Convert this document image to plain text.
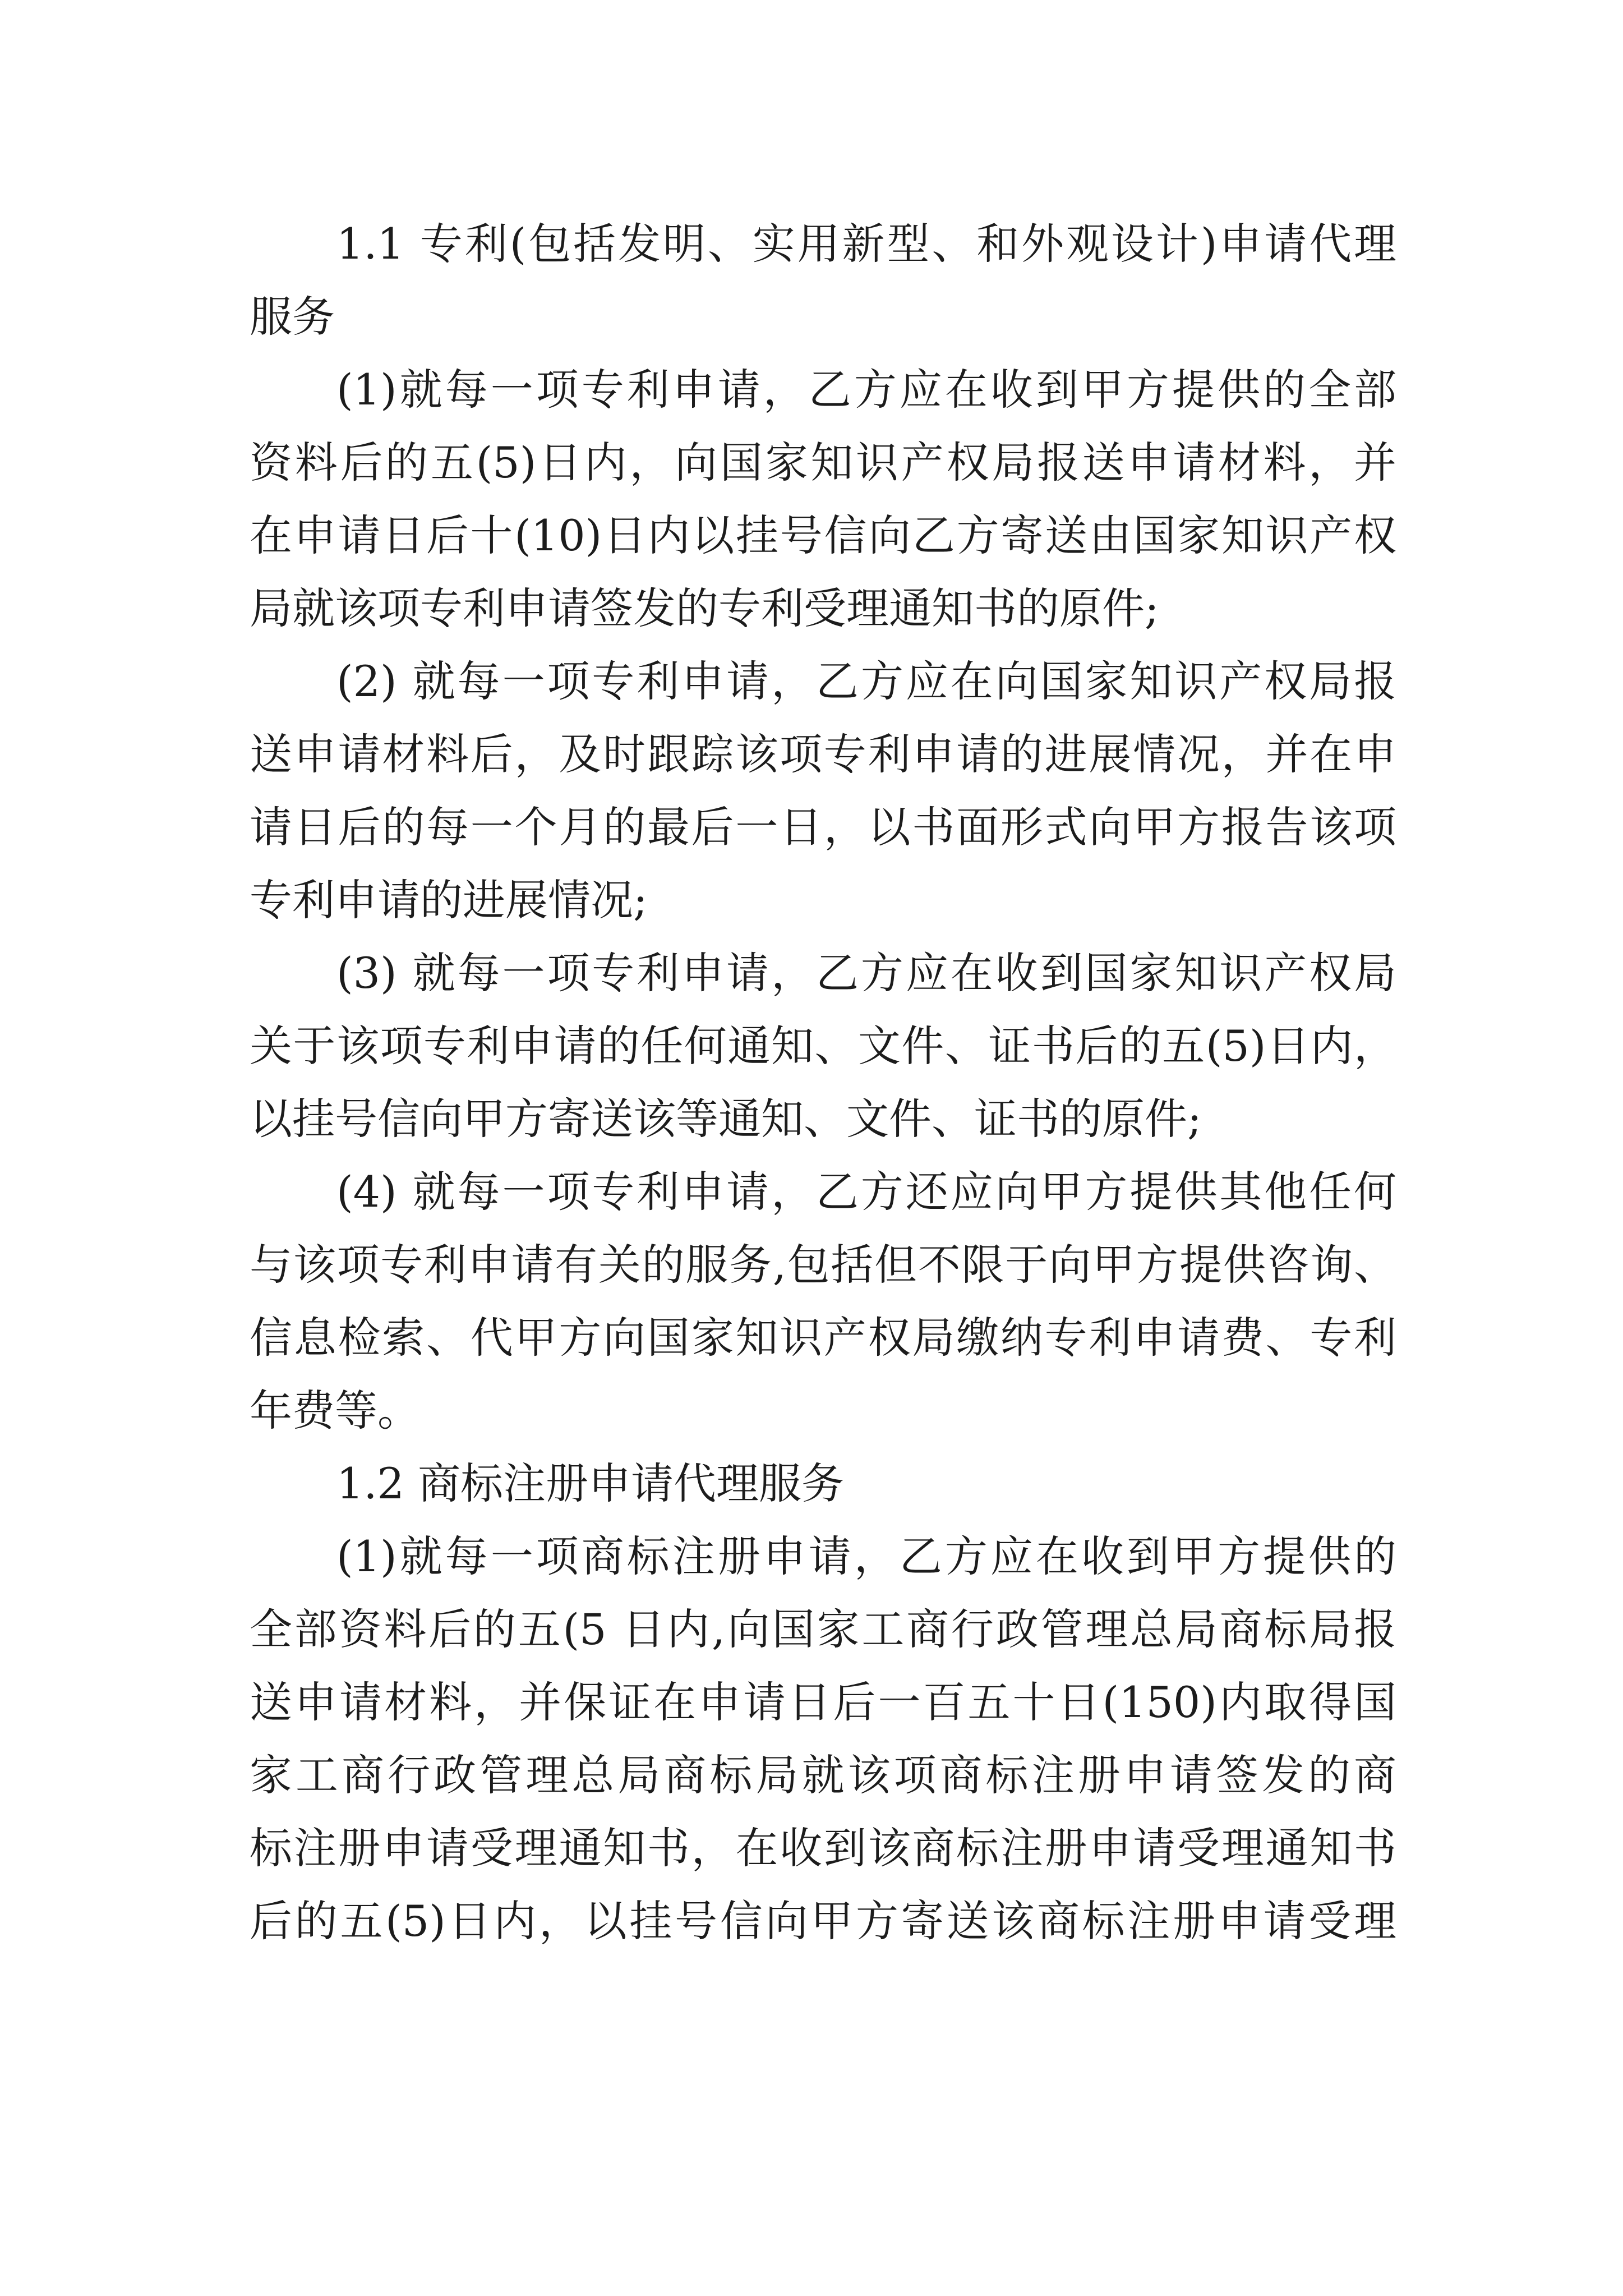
1.1 专利(包括发明、实用新型、和外观设计)申请代理

服务

(1)就每一项专利申请，乙方应在收到甲方提供的全部

资料后的五(5)日内，向国家知识产权局报送申请材料，并

在申请日后十(10)日内以挂号信向乙方寄送由国家知识产权

局就该项专利申请签发的专利受理通知书的原件;

(2) 就每一项专利申请，乙方应在向国家知识产权局报

送申请材料后，及时跟踪该项专利申请的进展情况，并在申

请日后的每一个月的最后一日，以书面形式向甲方报告该项

专利申请的进展情况;

(3) 就每一项专利申请，乙方应在收到国家知识产权局

关于该项专利申请的任何通知、文件、证书后的五(5)日内，

以挂号信向甲方寄送该等通知、文件、证书的原件;

(4) 就每一项专利申请，乙方还应向甲方提供其他任何

与该项专利申请有关的服务,包括但不限于向甲方提供咨询、

信息检索、代甲方向国家知识产权局缴纳专利申请费、专利

年费等。

1.2 商标注册申请代理服务

(1)就每一项商标注册申请，乙方应在收到甲方提供的

全部资料后的五(5 日内,向国家工商行政管理总局商标局报

送申请材料，并保证在申请日后一百五十日(150)内取得国

家工商行政管理总局商标局就该项商标注册申请签发的商

标注册申请受理通知书，在收到该商标注册申请受理通知书

后的五(5)日内，以挂号信向甲方寄送该商标注册申请受理
